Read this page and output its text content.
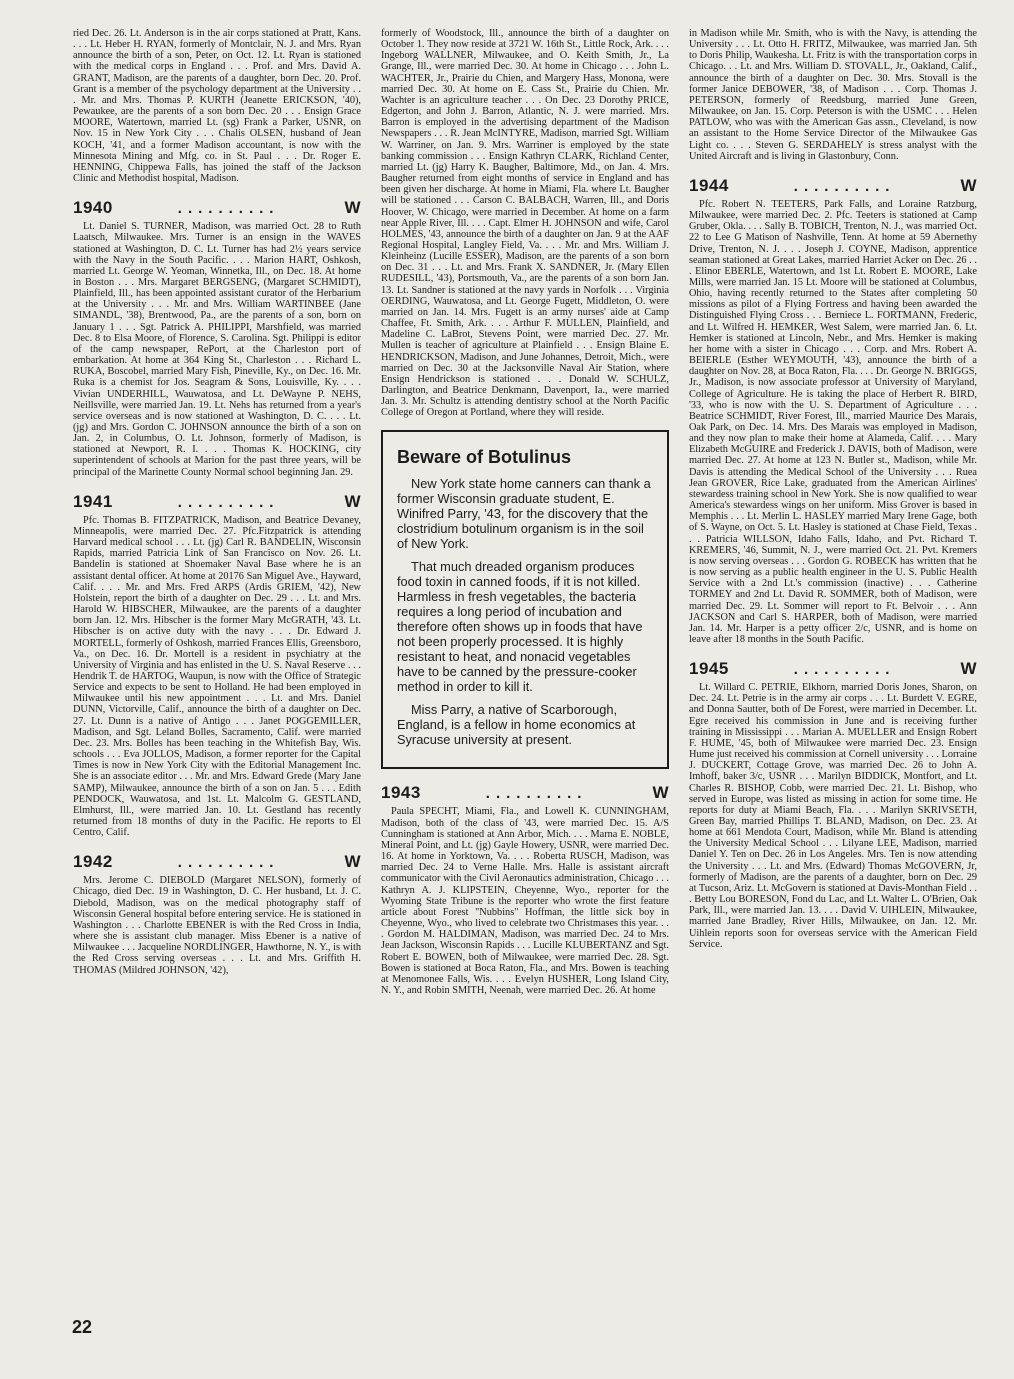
ried Dec. 26. Lt. Anderson is in the air corps stationed at Pratt, Kans. . . . Lt. Heber H. RYAN, formerly of Montclair, N. J. and Mrs. Ryan announce the birth of a son, Peter, on Oct. 12. Lt. Ryan is stationed with the medical corps in England . . . Prof. and Mrs. David A. GRANT, Madison, are the parents of a daughter, born Dec. 20. Prof. Grant is a member of the psychology department at the University . . . Mr. and Mrs. Thomas P. KURTH (Jeanette ERICKSON, '40), Pewaukee, are the parents of a son born Dec. 20 . . . Ensign Grace MOORE, Watertown, married Lt. (sg) Frank a Parker, USNR, on Nov. 15 in New York City . . . Chalis OLSEN, husband of Jean KOCH, '41, and a former Madison accountant, is now with the Minnesota Mining and Mfg. co. in St. Paul . . . Dr. Roger E. HENNING, Chippewa Falls, has joined the staff of the Jackson Clinic and Methodist hospital, Madison.

1940	..........	W

Lt. Daniel S. TURNER, Madison, was married Oct. 28 to Ruth Laatsch, Milwaukee. Mrs. Turner is an ensign in the WAVES stationed at Washington, D. C. Lt. Turner has had 2½ years service with the Navy in the South Pacific. . . . Marion HART, Oshkosh, married Lt. George W. Yeoman, Winnetka, Ill., on Dec. 18. At home in Boston . . . Mrs. Margaret BERGSENG, (Margaret SCHMIDT), Plainfield, Ill., has been appointed assistant curator of the Herbarium at the University . . . Mr. and Mrs. William WARTINBEE (Jane SIMANDL, '38), Brentwood, Pa., are the parents of a son, born on January 1 . . . Sgt. Patrick A. PHILIPPI, Marshfield, was married Dec. 8 to Elsa Moore, of Florence, S. Carolina. Sgt. Philippi is editor of the camp newspaper, RePort, at the Charleston port of embarkation. At home at 364 King St., Charleston . . . Richard L. RUKA, Boscobel, married Mary Fish, Pineville, Ky., on Dec. 16. Mr. Ruka is a chemist for Jos. Seagram & Sons, Louisville, Ky. . . . Vivian UNDERHILL, Wauwatosa, and Lt. DeWayne P. NEHS, Neillsville, were married Jan. 19. Lt. Nehs has returned from a year's service overseas and is now stationed at Washington, D. C. . . . Lt. (jg) and Mrs. Gordon C. JOHNSON announce the birth of a son on Jan. 2, in Columbus, O. Lt. Johnson, formerly of Madison, is stationed at Newport, R. I. . . . Thomas K. HOCKING, city superintendent of schools at Marion for the past three years, will be principal of the Marinette County Normal school beginning Jan. 29.

1941	..........	W

Pfc. Thomas B. FITZPATRICK, Madison, and Beatrice Devaney, Minneapolis, were married Dec. 27. Pfc.Fitzpatrick is attending Harvard medical school . . . Lt. (jg) Carl R. BANDELIN, Wisconsin Rapids, married Patricia Link of San Francisco on Nov. 26. Lt. Bandelin is stationed at Shoemaker Naval Base where he is an assistant dental officer. At home at 20176 San Miguel Ave., Hayward, Calif. . . . Mr. and Mrs. Fred ARPS (Ardis GRIEM, '42), New Holstein, report the birth of a daughter on Dec. 29 . . . Lt. and Mrs. Harold W. HIBSCHER, Milwaukee, are the parents of a daughter born Jan. 12. Mrs. Hibscher is the former Mary McGRATH, '43. Lt. Hibscher is on active duty with the navy . . . Dr. Edward J. MORTELL, formerly of Oshkosh, married Frances Ellis, Greensboro, Va., on Dec. 16. Dr. Mortell is a resident in psychiatry at the University of Virginia and has enlisted in the U. S. Naval Reserve . . . Hendrik T. de HARTOG, Waupun, is now with the Office of Strategic Service and expects to be sent to Holland. He had been employed in Milwaukee until his new appointment . . . Lt. and Mrs. Daniel DUNN, Victorville, Calif., announce the birth of a daughter on Dec. 27. Lt. Dunn is a native of Antigo . . . Janet POGGEMILLER, Madison, and Sgt. Leland Bolles, Sacramento, Calif. were married Dec. 23. Mrs. Bolles has been teaching in the Whitefish Bay, Wis. schools . . . Eva JOLLOS, Madison, a former reporter for the Capital Times is now in New York City with the Editorial Management Inc. She is an associate editor . . . Mr. and Mrs. Edward Grede (Mary Jane SAMP), Milwaukee, announce the birth of a son on Jan. 5 . . . Edith PENDOCK, Wauwatosa, and 1st. Lt. Malcolm G. GESTLAND, Elmhurst, Ill., were married Jan. 10. Lt. Gestland has recently returned from 18 months of duty in the Pacific. He reports to El Centro, Calif.

1942	..........	W

Mrs. Jerome C. DIEBOLD (Margaret NELSON), formerly of Chicago, died Dec. 19 in Washington, D. C. Her husband, Lt. J. C. Diebold, Madison, was on the medical photography staff of Wisconsin General hospital before entering service. He is stationed in Washington . . . Charlotte EBENER is with the Red Cross in India, where she is assistant club manager. Miss Ebener is a native of Milwaukee . . . Jacqueline NORDLINGER, Hawthorne, N. Y., is with the Red Cross serving overseas . . . Lt. and Mrs. Griffith H. THOMAS (Mildred JOHNSON, '42),

formerly of Woodstock, Ill., announce the birth of a daughter on October 1. They now reside at 3721 W. 16th St., Little Rock, Ark. . . . Ingeborg WALLNER, Milwaukee, and O. Keith Smith, Jr., La Grange, Ill., were married Dec. 30. At home in Chicago . . . John L. WACHTER, Jr., Prairie du Chien, and Margery Hass, Monona, were married Dec. 30. At home on E. Cass St., Prairie du Chien. Mr. Wachter is an agriculture teacher . . . On Dec. 23 Dorothy PRICE, Edgerton, and John J. Barron, Atlantic, N. J. were married. Mrs. Barron is employed in the advertising department of the Madison Newspapers . . . R. Jean McINTYRE, Madison, married Sgt. William W. Warriner, on Jan. 9. Mrs. Warriner is employed by the state banking commission . . . Ensign Kathryn CLARK, Richland Center, married Lt. (jg) Harry K. Baugher, Baltimore, Md., on Jan. 4. Mrs. Baugher returned from eight months of service in England and has been given her discharge. At home in Miami, Fla. where Lt. Baugher will be stationed . . . Carson C. BALBACH, Warren, Ill., and Doris Hoover, W. Chicago, were married in December. At home on a farm near Apple River, Ill. . . . Capt. Elmer H. JOHNSON and wife, Carol HOLMES, '43, announce the birth of a daughter on Jan. 9 at the AAF Regional Hospital, Langley Field, Va. . . . Mr. and Mrs. William J. Kleinheinz (Lucille ESSER), Madison, are the parents of a son born on Dec. 31 . . . Lt. and Mrs. Frank X. SANDNER, Jr. (Mary Ellen RUDESILL, '43), Portsmouth, Va., are the parents of a son born Jan. 13. Lt. Sandner is stationed at the navy yards in Norfolk . . . Virginia OERDING, Wauwatosa, and Lt. George Fugett, Middleton, O. were married on Jan. 14. Mrs. Fugett is an army nurses' aide at Camp Chaffee, Ft. Smith, Ark. . . . Arthur F. MULLEN, Plainfield, and Madeline C. LaBrot, Stevens Point, were married Dec. 27. Mr. Mullen is teacher of agriculture at Plainfield . . . Ensign Blaine E. HENDRICKSON, Madison, and June Johannes, Detroit, Mich., were married on Dec. 30 at the Jacksonville Naval Air Station, where Ensign Hendrickson is stationed . . . Donald W. SCHULZ, Darlington, and Beatrice Denkmann, Davenport, Ia., were married Jan. 3. Mr. Schultz is attending dentistry school at the North Pacific College of Oregon at Portland, where they will reside.

Beware of Botulinus

New York state home canners can thank a former Wisconsin graduate student, E. Winifred Parry, '43, for the discovery that the clostridium botulinum organism is in the soil of New York.

That much dreaded organism produces food toxin in canned foods, if it is not killed. Harmless in fresh vegetables, the bacteria requires a long period of incubation and therefore often shows up in foods that have not been properly processed. It is highly resistant to heat, and nonacid vegetables have to be canned by the pressure-cooker method in order to kill it.

Miss Parry, a native of Scarborough, England, is a fellow in home economics at Syracuse university at present.

1943	..........	W

Paula SPECHT, Miami, Fla., and Lowell K. CUNNINGHAM, Madison, both of the class of '43, were married Dec. 15. A/S Cunningham is stationed at Ann Arbor, Mich. . . . Marna E. NOBLE, Mineral Point, and Lt. (jg) Gayle Howery, USNR, were married Dec. 16. At home in Yorktown, Va. . . . Roberta RUSCH, Madison, was married Dec. 24 to Verne Halle. Mrs. Halle is assistant aircraft communicator with the Civil Aeronautics administration, Chicago . . . Kathryn A. J. KLIPSTEIN, Cheyenne, Wyo., reporter for the Wyoming State Tribune is the reporter who wrote the first feature article about Forest "Nubbins" Hoffman, the little sick boy in Cheyenne, Wyo., who lived to celebrate two Christmases this year. . . . Gordon M. HALDIMAN, Madison, was married Dec. 24 to Mrs. Jean Jackson, Wisconsin Rapids . . . Lucille KLUBERTANZ and Sgt. Robert E. BOWEN, both of Milwaukee, were married Dec. 28. Sgt. Bowen is stationed at Boca Raton, Fla., and Mrs. Bowen is teaching at Menomonee Falls, Wis. . . . Evelyn HUSHER, Long Island City, N. Y., and Robin SMITH, Neenah, were married Dec. 26. At home

in Madison while Mr. Smith, who is with the Navy, is attending the University . . . Lt. Otto H. FRITZ, Milwaukee, was married Jan. 5th to Doris Philip, Waukesha. Lt. Fritz is with the transportation corps in Chicago. . . Lt. and Mrs. William D. STOVALL, Jr., Oakland, Calif., announce the birth of a daughter on Dec. 30. Mrs. Stovall is the former Janice DEBOWER, '38, of Madison . . . Corp. Thomas J. PETERSON, formerly of Reedsburg, married June Green, Milwaukee, on Jan. 15. Corp. Peterson is with the USMC . . . Helen PATLOW, who was with the American Gas assn., Cleveland, is now an assistant to the Home Service Director of the Milwaukee Gas Light co. . . . Steven G. SERDAHELY is stress analyst with the United Aircraft and is living in Glastonbury, Conn.

1944	..........	W

Pfc. Robert N. TEETERS, Park Falls, and Loraine Ratzburg, Milwaukee, were married Dec. 2. Pfc. Teeters is stationed at Camp Gruber, Okla. . . . Sally B. TOBICH, Trenton, N. J., was married Oct. 22 to Lee G Matison of Nashville, Tenn. At home at 59 Abernethy Drive, Trenton, N. J. . . . Joseph J. COYNE, Madison, apprentice seaman stationed at Great Lakes, married Harriet Acker on Dec. 26 . . . Elinor EBERLE, Watertown, and 1st Lt. Robert E. MOORE, Lake Mills, were married Jan. 15 Lt. Moore will be stationed at Columbus, Ohio, having recently returned to the States after completing 50 missions as pilot of a Flying Fortress and having been awarded the Distinguished Flying Cross . . . Berniece L. FORTMANN, Frederic, and Lt. Wilfred H. HEMKER, West Salem, were married Jan. 6. Lt. Hemker is stationed at Lincoln, Nebr., and Mrs. Hemker is making her home with a sister in Chicago . . . Corp. and Mrs. Robert A. BEIERLE (Esther WEYMOUTH, '43), announce the birth of a daughter on Nov. 28, at Boca Raton, Fla. . . . Dr. George N. BRIGGS, Jr., Madison, is now associate professor at University of Maryland, College of Agriculture. He is taking the place of Herbert R. BIRD, '33, who is now with the U. S. Department of Agriculture . . . Beatrice SCHMIDT, River Forest, Ill., married Maurice Des Marais, Oak Park, on Dec. 14. Mrs. Des Marais was employed in Madison, and they now plan to make their home at Alameda, Calif. . . . Mary Elizabeth McGUIRE and Frederick J. DAVIS, both of Madison, were married Dec. 27. At home at 123 N. Butler st., Madison, while Mr. Davis is attending the Medical School of the University . . . Ruea Jean GROVER, Rice Lake, graduated from the American Airlines' stewardess training school in New York. She is now qualified to wear America's stewardess wings on her uniform. Miss Grover is based in Memphis . . . Lt. Merlin L. HASLEY married Mary Irene Gage, both of S. Wayne, on Oct. 5. Lt. Hasley is stationed at Chase Field, Texas . . . Patricia WILLSON, Idaho Falls, Idaho, and Pvt. Richard T. KREMERS, '46, Summit, N. J., were married Oct. 21. Pvt. Kremers is now serving overseas . . . Gordon G. ROBECK has written that he is now serving as a public health engineer in the U. S. Public Health Service with a 2nd Lt.'s commission (inactive) . . . Catherine TORMEY and 2nd Lt. David R. SOMMER, both of Madison, were married Dec. 29. Lt. Sommer will report to Ft. Belvoir . . . Ann JACKSON and Carl S. HARPER, both of Madison, were married Jan. 14. Mr. Harper is a petty officer 2/c, USNR, and is home on leave after 18 months in the South Pacific.

1945	..........	W

Lt. Willard C. PETRIE, Elkhorn, married Doris Jones, Sharon, on Dec. 24. Lt. Petrie is in the army air corps . . . Lt. Burdett V. EGRE, and Donna Sautter, both of De Forest, were married in December. Lt. Egre received his commission in June and is receiving further training in Mississippi . . . Marian A. MUELLER and Ensign Robert F. HUME, '45, both of Milwaukee were married Dec. 23. Ensign Hume just received his commission at Cornell university . . . Lorraine J. DUCKERT, Cottage Grove, was married Dec. 26 to John A. Imhoff, baker 3/c, USNR . . . Marilyn BIDDICK, Montfort, and Lt. Charles R. BISHOP, Cobb, were married Dec. 21. Lt. Bishop, who served in Europe, was listed as missing in action for some time. He reports for duty at Miami Beach, Fla. . . . Marilyn SKRIVSETH, Green Bay, married Phillips T. BLAND, Madison, on Dec. 23. At home at 661 Mendota Court, Madison, while Mr. Bland is attending the University Medical School . . . Lilyane LEE, Madison, married Daniel Y. Ten on Dec. 26 in Los Angeles. Mrs. Ten is now attending the University . . . Lt. and Mrs. (Edward) Thomas McGOVERN, Jr, formerly of Madison, are the parents of a daughter, born on Dec. 29 at Tucson, Ariz. Lt. McGovern is stationed at Davis-Monthan Field . . . Betty Lou BORESON, Fond du Lac, and Lt. Walter L. O'Brien, Oak Park, Ill., were married Jan. 13. . . . David V. UIHLEIN, Milwaukee, married Jane Bradley, River Hills, Milwaukee, on Jan. 12. Mr. Uihlein reports soon for overseas service with the American Field Service.

22
